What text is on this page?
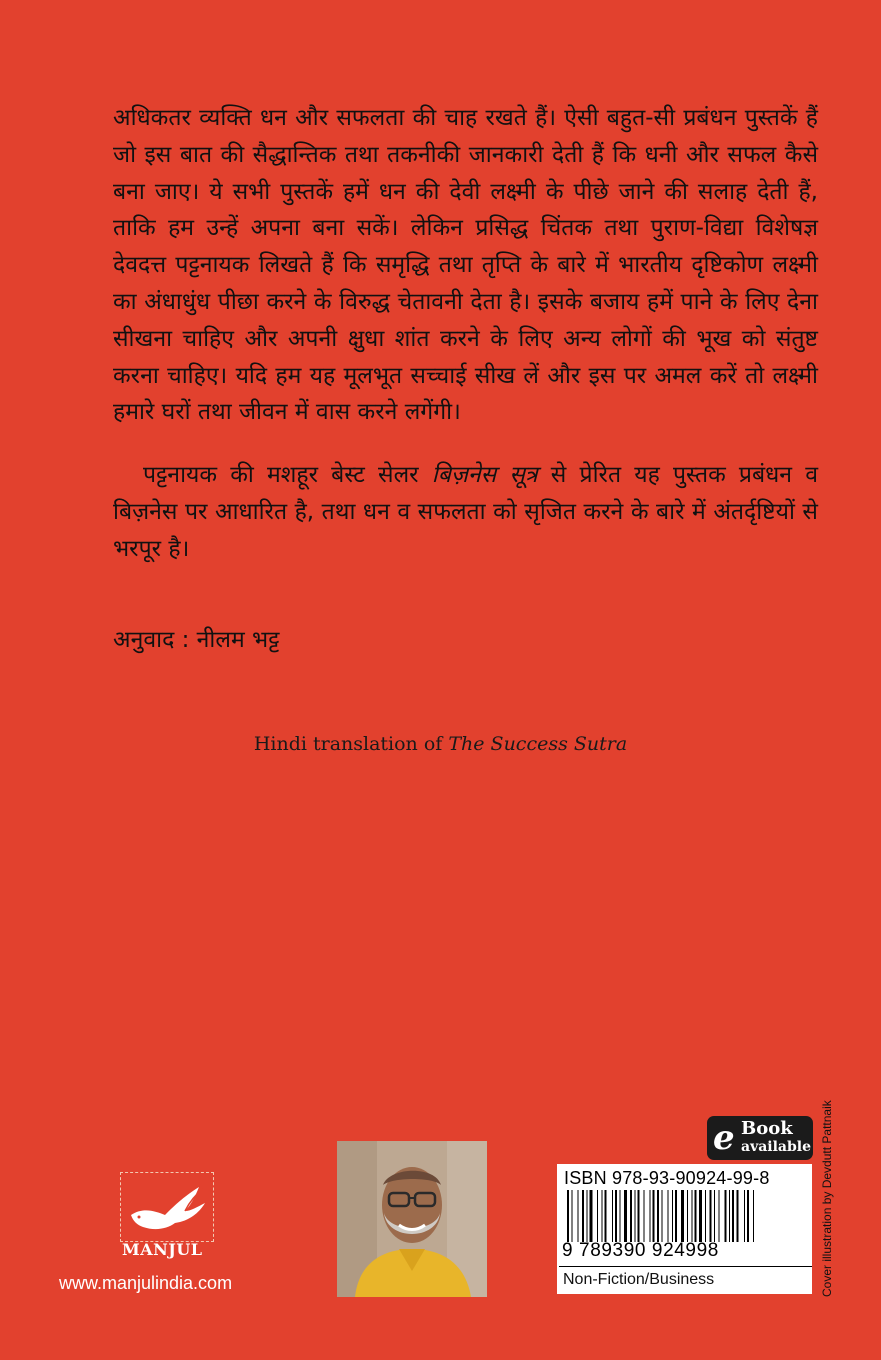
अधिकतर व्यक्ति धन और सफलता की चाह रखते हैं। ऐसी बहुत-सी प्रबंधन पुस्तकें हैं जो इस बात की सैद्धान्तिक तथा तकनीकी जानकारी देती हैं कि धनी और सफल कैसे बना जाए। ये सभी पुस्तकें हमें धन की देवी लक्ष्मी के पीछे जाने की सलाह देती हैं, ताकि हम उन्हें अपना बना सकें। लेकिन प्रसिद्ध चिंतक तथा पुराण-विद्या विशेषज्ञ देवदत्त पट्टनायक लिखते हैं कि समृद्धि तथा तृप्ति के बारे में भारतीय दृष्टिकोण लक्ष्मी का अंधाधुंध पीछा करने के विरुद्ध चेतावनी देता है। इसके बजाय हमें पाने के लिए देना सीखना चाहिए और अपनी क्षुधा शांत करने के लिए अन्य लोगों की भूख को संतुष्ट करना चाहिए। यदि हम यह मूलभूत सच्चाई सीख लें और इस पर अमल करें तो लक्ष्मी हमारे घरों तथा जीवन में वास करने लगेंगी।

पट्टनायक की मशहूर बेस्ट सेलर बिज़नेस सूत्र से प्रेरित यह पुस्तक प्रबंधन व बिज़नेस पर आधारित है, तथा धन व सफलता को सृजित करने के बारे में अंतर्दृष्टियों से भरपूर है।

अनुवाद : नीलम भट्ट
Hindi translation of The Success Sutra
MANJUL
www.manjulindia.com
e Book
available
ISBN 978-93-90924-99-8
9 789390 924998
Non-Fiction/Business	Cover illustration by Devdutt Pattnaik
